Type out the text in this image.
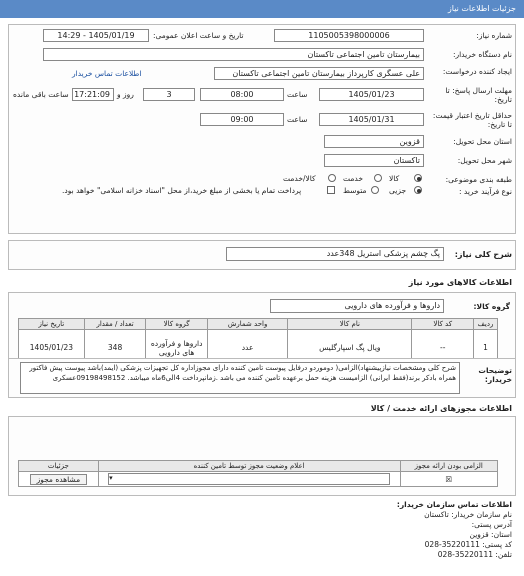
جزئیات اطلاعات نیاز
شماره نیاز:
1105005398000006
تاریخ و ساعت اعلان عمومی:
1405/01/19 - 14:29
نام دستگاه خریدار:
بیمارستان تامین اجتماعی تاکستان
ایجاد کننده درخواست:
علی عسگری کارپرداز بیمارستان تامین اجتماعی تاکستان
اطلاعات تماس خریدار
مهلت ارسال پاسخ: تا تاریخ:
1405/01/23
ساعت
08:00
3
روز و
17:21:09
ساعت باقی مانده
حداقل تاریخ اعتبار قیمت: تا تاریخ:
1405/01/31
ساعت
09:00
استان محل تحویل:
قزوین
شهر محل تحویل:
تاکستان
طبقه بندی موضوعی:
کالا
خدمت
کالا/خدمت
نوع فرآیند خرید :
جزیی
متوسط
پرداخت تمام یا بخشی از مبلغ خرید،از محل "اسناد خزانه اسلامی" خواهد بود.
شرح کلی نیاز:
پگ چشم پزشکی استریل 348عدد
اطلاعات کالاهای مورد نیاز
گروه کالا:
داروها و فرآورده های دارویی
ردیف	کد کالا	نام کالا	واحد شمارش	گروه کالا	تعداد / مقدار	تاریخ نیاز
1	--	ویال پگ اسپارگلیس	عدد	داروها و فرآورده های دارویی	348	1405/01/23
توضیحات خریدار:
شرح کلی ومشخصات نیازپیشنهاد)الزامی( دوموردو درفایل پیوست تامین کننده دارای مجوزاداره کل تجهیزات پزشکی (ایمد)باشد پیوست پیش فاکتور همراه بادکر برند(فقط ایرانی) الزامیست هزینه حمل برعهده تامین کننده می باشد .زمانپرداخت 4الی6ماه میباشد. 09198498152عسکری
اطلاعات مجوزهای ارائه خدمت / کالا
الزامی بودن ارائه مجوز	اعلام وضعیت مجوز توسط تامین کننده	جزئیات
☒	▾	مشاهده مجوز
اطلاعات تماس سازمان خریدار:
نام سازمان خریدار: تاکستان
آدرس پستی:
استان: قزوین
کد پستی: 35220111-028
تلفن: 35220111-028
